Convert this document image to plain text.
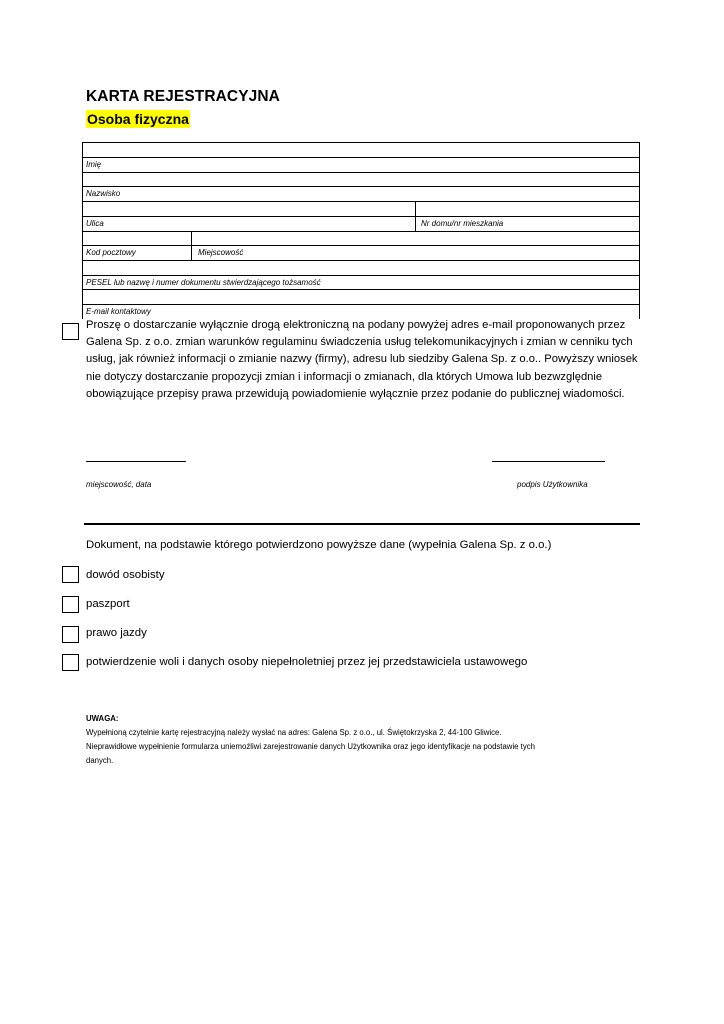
KARTA REJESTRACYJNA
Osoba fizyczna
Imię
Nazwisko
Ulica	Nr domu/nr mieszkania
Kod pocztowy	Miejscowość
PESEL lub nazwę i numer dokumentu stwierdzającego tożsamość
E-mail kontaktowy
Proszę o dostarczanie wyłącznie drogą elektroniczną na podany powyżej adres e-mail proponowanych przez
Galena Sp. z o.o. zmian warunków regulaminu świadczenia usług telekomunikacyjnych i zmian w cenniku tych
usług, jak również informacji o zmianie nazwy (firmy), adresu lub siedziby Galena Sp. z o.o.. Powyższy wniosek
nie dotyczy dostarczanie propozycji zmian i informacji o zmianach, dla których Umowa lub bezwzględnie
obowiązujące przepisy prawa przewidują powiadomienie wyłącznie przez podanie do publicznej wiadomości.
miejscowość, data	podpis Użytkownika
Dokument, na podstawie którego potwierdzono powyższe dane (wypełnia Galena Sp. z o.o.)
dowód osobisty
paszport
prawo jazdy
potwierdzenie woli i danych osoby niepełnoletniej przez jej przedstawiciela ustawowego
UWAGA:
Wypełnioną czytelnie kartę rejestracyjną należy wysłać na adres: Galena Sp. z o.o., ul. Świętokrzyska 2, 44-100 Gliwice.
Nieprawidłowe wypełnienie formularza uniemożliwi zarejestrowanie danych Użytkownika oraz jego identyfikacje na podstawie tych
danych.
